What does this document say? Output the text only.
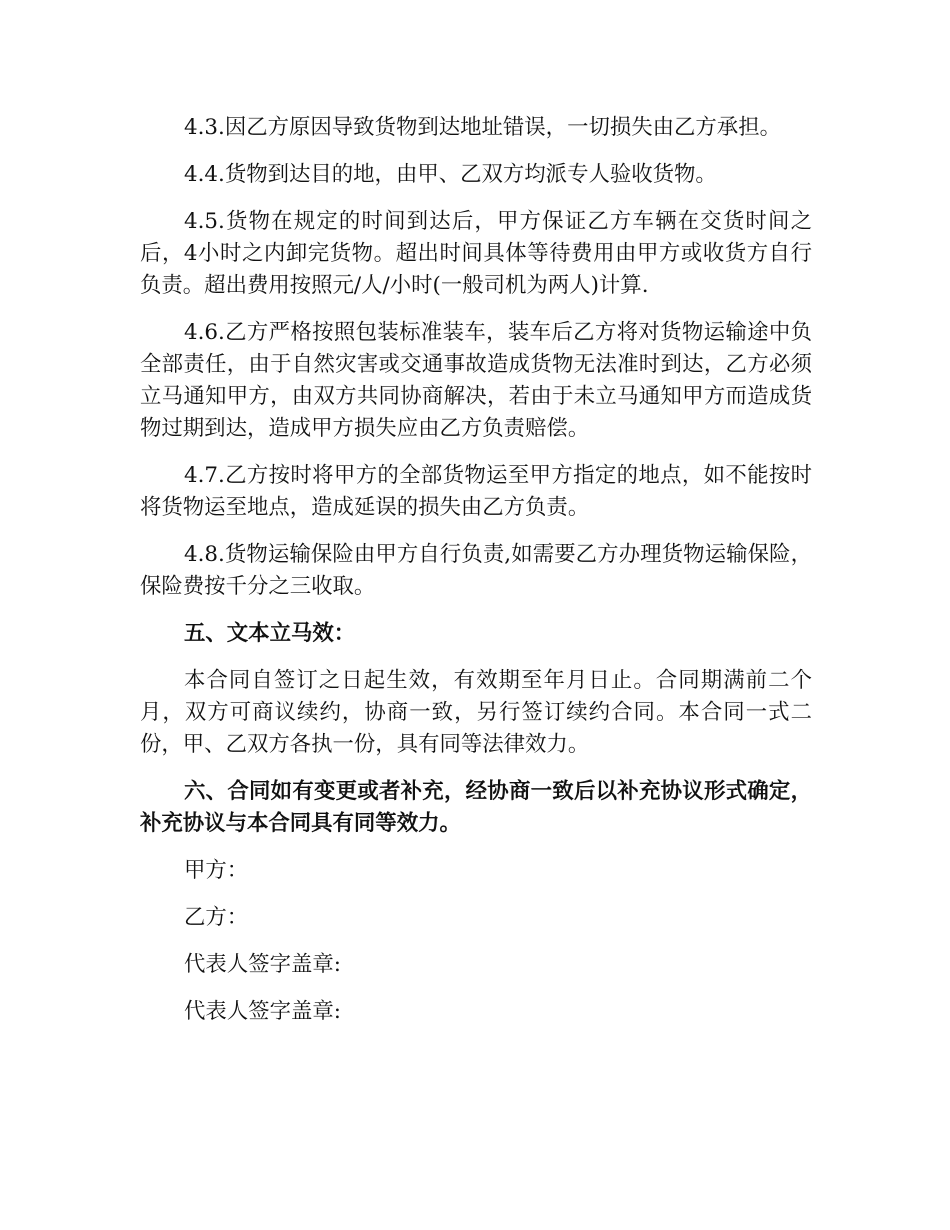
4.3.因乙方原因导致货物到达地址错误，一切损失由乙方承担。

4.4.货物到达目的地，由甲、乙双方均派专人验收货物。

4.5.货物在规定的时间到达后，甲方保证乙方车辆在交货时间之后，4小时之内卸完货物。超出时间具体等待费用由甲方或收货方自行负责。超出费用按照元/人/小时(一般司机为两人)计算.

4.6.乙方严格按照包装标准装车，装车后乙方将对货物运输途中负全部责任，由于自然灾害或交通事故造成货物无法准时到达，乙方必须立马通知甲方，由双方共同协商解决，若由于未立马通知甲方而造成货物过期到达，造成甲方损失应由乙方负责赔偿。

4.7.乙方按时将甲方的全部货物运至甲方指定的地点，如不能按时将货物运至地点，造成延误的损失由乙方负责。

4.8.货物运输保险由甲方自行负责,如需要乙方办理货物运输保险，保险费按千分之三收取。

五、文本立马效：

本合同自签订之日起生效，有效期至年月日止。合同期满前二个月，双方可商议续约，协商一致，另行签订续约合同。本合同一式二份，甲、乙双方各执一份，具有同等法律效力。

六、合同如有变更或者补充，经协商一致后以补充协议形式确定，补充协议与本合同具有同等效力。

甲方：

乙方：

代表人签字盖章:

代表人签字盖章:
